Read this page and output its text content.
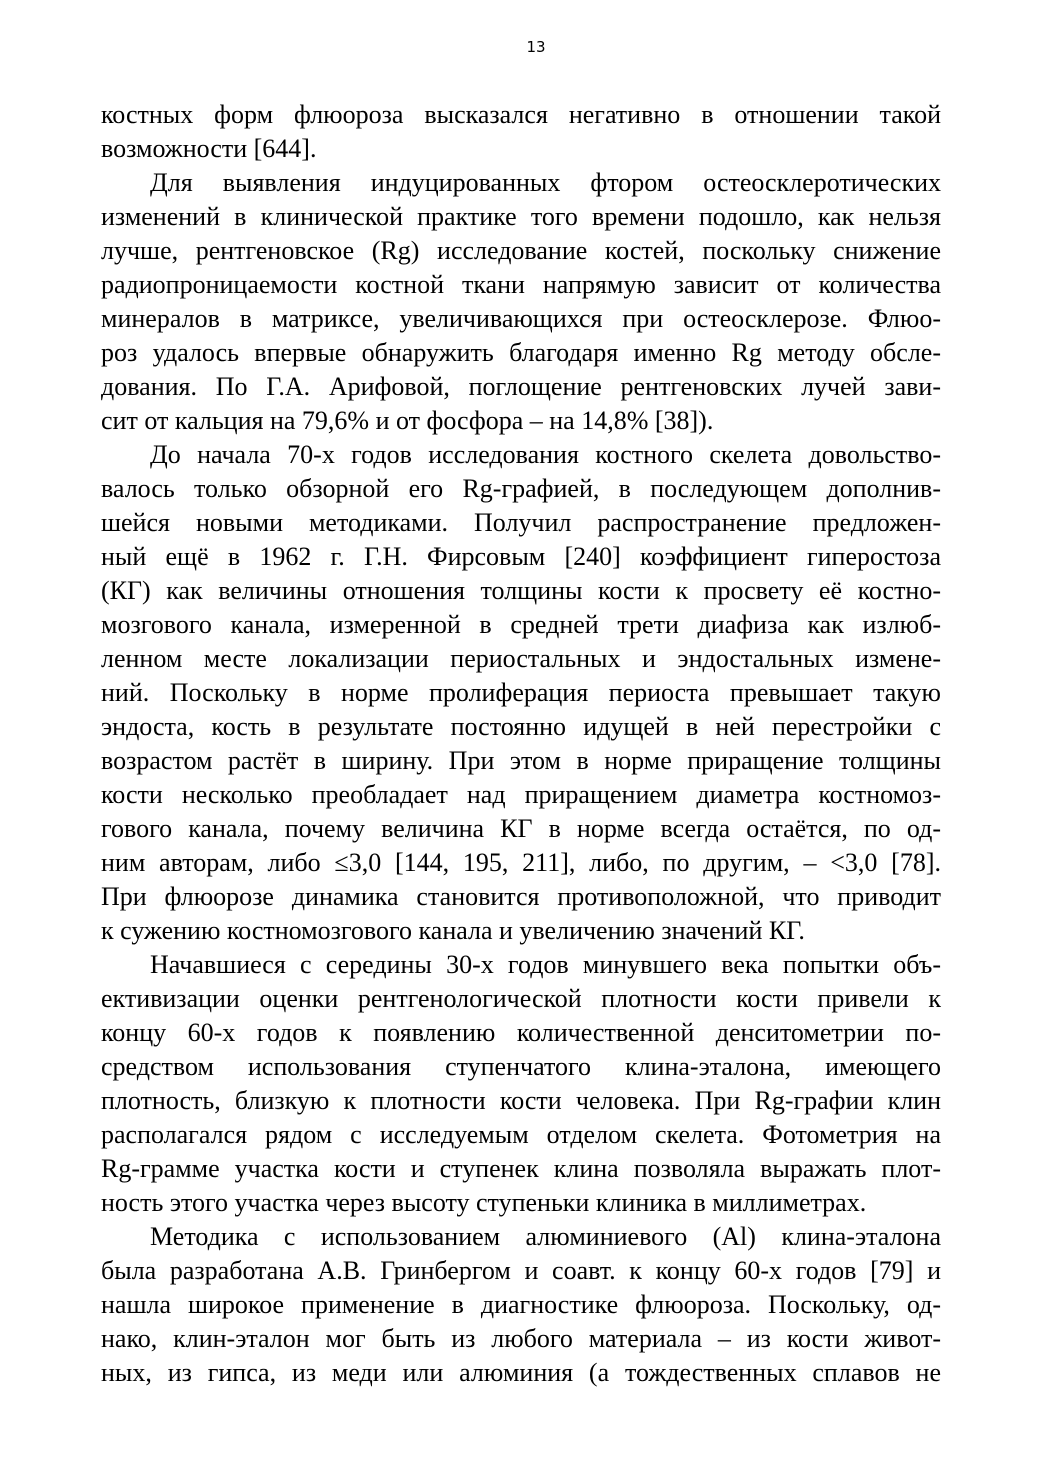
13
костных форм флюороза высказался негативно в отношении такой
возможности [644].
Для выявления индуцированных фтором остеосклеротических
изменений в клинической практике того времени подошло, как нельзя
лучше, рентгеновское (Rg) исследование костей, поскольку снижение
радиопроницаемости костной ткани напрямую зависит от количества
минералов в матриксе, увеличивающихся при остеосклерозе. Флюо-
роз удалось впервые обнаружить благодаря именно Rg методу обсле-
дования. По Г.А. Арифовой, поглощение рентгеновских лучей зави-
сит от кальция на 79,6% и от фосфора – на 14,8% [38]).
До начала 70-х годов исследования костного скелета довольство-
валось только обзорной его Rg-графией, в последующем дополнив-
шейся новыми методиками. Получил распространение предложен-
ный ещё в 1962 г. Г.Н. Фирсовым [240] коэффициент гиперостоза
(КГ) как величины отношения толщины кости к просвету её костно-
мозгового канала, измеренной в средней трети диафиза как излюб-
ленном месте локализации периостальных и эндостальных измене-
ний. Поскольку в норме пролиферация периоста превышает такую
эндоста, кость в результате постоянно идущей в ней перестройки с
возрастом растёт в ширину. При этом в норме приращение толщины
кости несколько преобладает над приращением диаметра костномоз-
гового канала, почему величина КГ в норме всегда остаётся, по од-
ним авторам, либо ≤3,0 [144, 195, 211], либо, по другим, – <3,0 [78].
При флюорозе динамика становится противоположной, что приводит
к сужению костномозгового канала и увеличению значений КГ.
Начавшиеся с середины 30-х годов минувшего века попытки объ-
ективизации оценки рентгенологической плотности кости привели к
концу 60-х годов к появлению количественной денситометрии по-
средством использования ступенчатого клина-эталона, имеющего
плотность, близкую к плотности кости человека. При Rg-графии клин
располагался рядом с исследуемым отделом скелета. Фотометрия на
Rg-грамме участка кости и ступенек клина позволяла выражать плот-
ность этого участка через высоту ступеньки клиника в миллиметрах.
Методика с использованием алюминиевого (Al) клина-эталона
была разработана А.В. Гринбергом и соавт. к концу 60-х годов [79] и
нашла широкое применение в диагностике флюороза. Поскольку, од-
нако, клин-эталон мог быть из любого материала – из кости живот-
ных, из гипса, из меди или алюминия (а тождественных сплавов не
